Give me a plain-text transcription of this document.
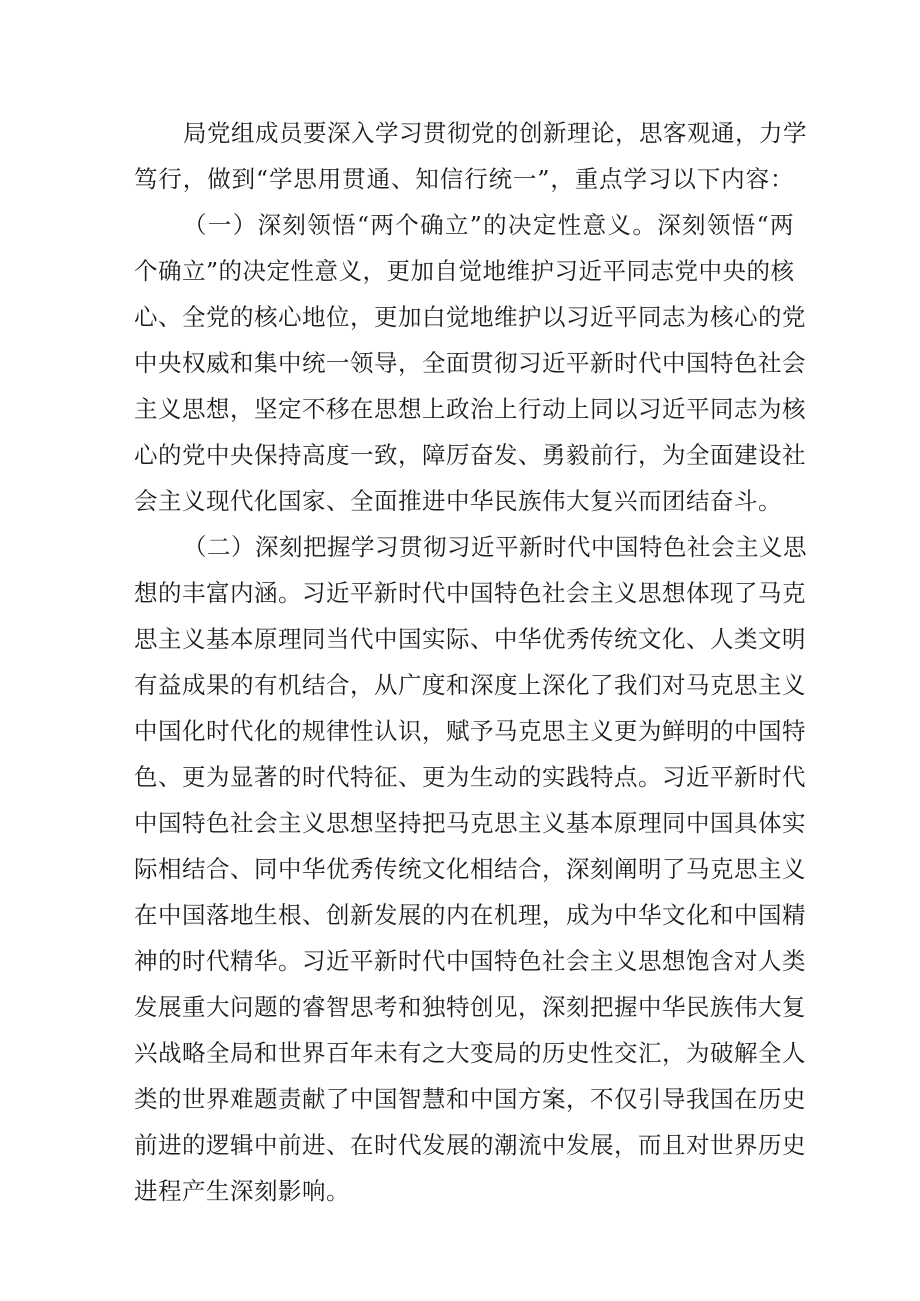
局党组成员要深入学习贯彻党的创新理论，思客观通，力学
笃行，做到“学思用贯通、知信行统一”，重点学习以下内容：
（一）深刻领悟“两个确立”的决定性意义。深刻领悟“两
个确立”的决定性意义，更加自觉地维护习近平同志党中央的核
心、全党的核心地位，更加白觉地维护以习近平同志为核心的党
中央权威和集中统一领导，全面贯彻习近平新时代中国特色社会
主义思想，坚定不移在思想上政治上行动上同以习近平同志为核
心的党中央保持高度一致，障厉奋发、勇毅前行，为全面建设社
会主义现代化国家、全面推进中华民族伟大复兴而团结奋斗。
（二）深刻把握学习贯彻习近平新时代中国特色社会主义思
想的丰富内涵。习近平新时代中国特色社会主义思想体现了马克
思主义基本原理同当代中国实际、中华优秀传统文化、人类文明
有益成果的有机结合，从广度和深度上深化了我们对马克思主义
中国化时代化的规律性认识，赋予马克思主义更为鲜明的中国特
色、更为显著的时代特征、更为生动的实践特点。习近平新时代
中国特色社会主义思想坚持把马克思主义基本原理同中国具体实
际相结合、同中华优秀传统文化相结合，深刻阐明了马克思主义
在中国落地生根、创新发展的内在机理，成为中华文化和中国精
神的时代精华。习近平新时代中国特色社会主义思想饱含对人类
发展重大问题的睿智思考和独特创见，深刻把握中华民族伟大复
兴战略全局和世界百年未有之大变局的历史性交汇，为破解全人
类的世界难题责献了中国智慧和中国方案，不仅引导我国在历史
前进的逻辑中前进、在时代发展的潮流中发展，而且对世界历史
进程产生深刻影响。
